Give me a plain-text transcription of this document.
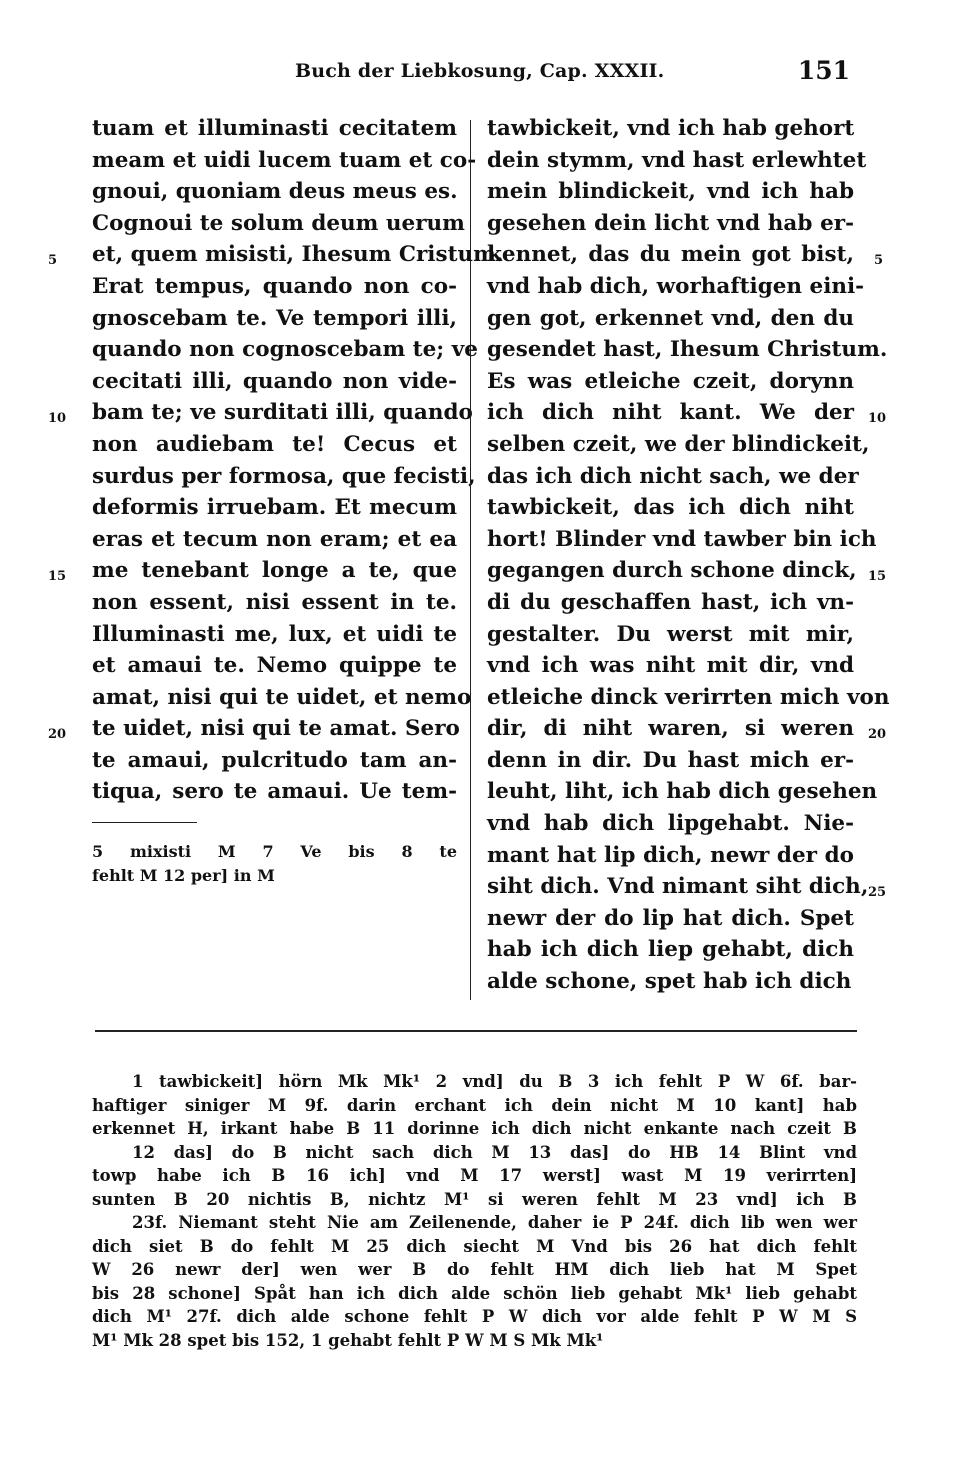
Buch der Liebkosung, Cap. XXXII.	151
tuam et illuminasti cecitatem
meam et uidi lucem tuam et co-
gnoui, quoniam deus meus es.
Cognoui te solum deum uerum
et, quem misisti, Ihesum Cristum.
Erat tempus, quando non co-
gnoscebam te. Ve tempori illi,
quando non cognoscebam te; ve
cecitati illi, quando non vide-
bam te; ve surditati illi, quando
non audiebam te! Cecus et
surdus per formosa, que fecisti,
deformis irruebam. Et mecum
eras et tecum non eram; et ea
me tenebant longe a te, que
non essent, nisi essent in te.
Illuminasti me, lux, et uidi te
et amaui te. Nemo quippe te
amat, nisi qui te uidet, et nemo
te uidet, nisi qui te amat. Sero
te amaui, pulcritudo tam an-
tiqua, sero te amaui. Ue tem-
5
10
15
20
tawbickeit, vnd ich hab gehort
dein stymm, vnd hast erlewhtet
mein blindickeit, vnd ich hab
gesehen dein licht vnd hab er-
kennet, das du mein got bist,
vnd hab dich, worhaftigen eini-
gen got, erkennet vnd, den du
gesendet hast, Ihesum Christum.
Es was etleiche czeit, dorynn
ich dich niht kant. We der
selben czeit, we der blindickeit,
das ich dich nicht sach, we der
tawbickeit, das ich dich niht
hort! Blinder vnd tawber bin ich
gegangen durch schone dinck,
di du geschaffen hast, ich vn-
gestalter. Du werst mit mir,
vnd ich was niht mit dir, vnd
etleiche dinck verirrten mich von
dir, di niht waren, si weren
denn in dir. Du hast mich er-
leuht, liht, ich hab dich gesehen
vnd hab dich lipgehabt. Nie-
mant hat lip dich, newr der do
siht dich. Vnd nimant siht dich,
newr der do lip hat dich. Spet
hab ich dich liep gehabt, dich
alde schone, spet hab ich dich
5
10
15
20
25
5 mixisti M 7 Ve bis 8 te
fehlt M 12 per] in M
1 tawbickeit] hörn Mk Mk¹ 2 vnd] du B 3 ich fehlt P W 6f. bar-
haftiger siniger M 9f. darin erchant ich dein nicht M 10 kant] hab
erkennet H, irkant habe B 11 dorinne ich dich nicht enkante nach czeit B
12 das] do B nicht sach dich M 13 das] do HB 14 Blint vnd
towp habe ich B 16 ich] vnd M 17 werst] wast M 19 verirrten]
sunten B 20 nichtis B, nichtz M¹ si weren fehlt M 23 vnd] ich B
23f. Niemant steht Nie am Zeilenende, daher ie P 24f. dich lib wen wer
dich siet B do fehlt M 25 dich siecht M Vnd bis 26 hat dich fehlt
W 26 newr der] wen wer B do fehlt HM dich lieb hat M Spet
bis 28 schone] Spåt han ich dich alde schön lieb gehabt Mk¹ lieb gehabt
dich M¹ 27f. dich alde schone fehlt P W dich vor alde fehlt P W M S
M¹ Mk 28 spet bis 152, 1 gehabt fehlt P W M S Mk Mk¹
